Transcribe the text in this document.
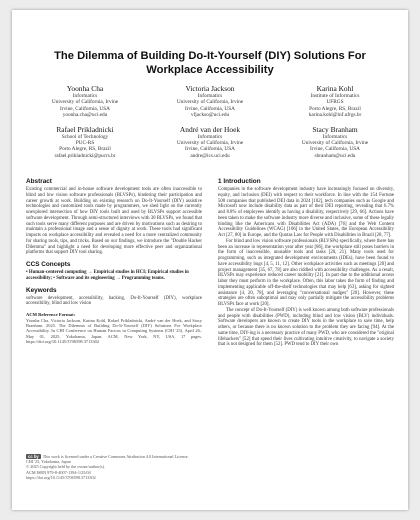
The Dilemma of Building Do-It-Yourself (DIY) Solutions For Workplace Accessibility
Yoonha Cha
Informatics
University of California, Irvine
Irvine, California, USA
yoonha.cha@uci.edu
Victoria Jackson
Informatics
University of California, Irvine
Irvine, California, USA
vfjackso@uci.edu
Karina Kohl
Institute of Informatics
UFRGS
Porto Alegre, RS, Brazil
karina.kohl@inf.ufrgs.br
Rafael Prikladnicki
School of Technology
PUC-RS
Porto Alegre, RS, Brazil
rafael.prikladnicki@pucrs.br
André van der Hoek
Informatics
University of California, Irvine
Irvine, California, USA
andre@ics.uci.edu
Stacy Branham
Informatics
University of California, Irvine
Irvine, California, USA
sbranham@uci.edu
Abstract

Existing commercial and in-house software development tools are often inaccessible to blind and low vision software professionals (BLVSPs), hindering their participation and career growth at work. Building on existing research on Do-It-Yourself (DIY) assistive technologies and customized tools made by programmers, we shed light on the currently unexplored intersection of how DIY tools built and used by BLVSPs support accessible software development. Through semi-structured interviews with 30 BLVSPs, we found that such tools serve many different purposes and are driven by motivations such as desiring to maintain a professional image and a sense of dignity at work. These tools had significant impacts on workplace accessibility and revealed a need for a more centralized community for sharing tools, tips, and tricks. Based on our findings, we introduce the "Double Hacker Dilemma" and highlight a need for developing more effective peer and organizational platforms that support DIY tool sharing.

CCS Concepts
• Human-centered computing → Empirical studies in HCI; Empirical studies in accessibility; • Software and its engineering → Programming teams.
Keywords

software development, accessibility, hacking, Do-It-Yourself (DIY), workplace accessibility, blind and low vision

ACM Reference Format:
Yoonha Cha, Victoria Jackson, Karina Kohl, Rafael Prikladnicki, André van der Hoek, and Stacy Branham. 2025. The Dilemma of Building Do-It-Yourself (DIY) Solutions For Workplace Accessibility. In CHI Conference on Human Factors in Computing Systems (CHI '25), April 26–May 01, 2025, Yokohama, Japan. ACM, New York, NY, USA, 17 pages. https://doi.org/10.1145/3706598.3713302
cc by This work is licensed under a Creative Commons Attribution 4.0 International License.
CHI '25, Yokohama, Japan
© 2025 Copyright held by the owner/author(s).
ACM ISBN 979-8-4007-1394-1/25/04
https://doi.org/10.1145/3706598.3713302
1 Introduction

Companies in the software development industry have increasingly focused on diversity, equity, and inclusion (DEI) with respect to their workforce. In line with the 154 Fortune 500 companies that published DEI data in 2024 [102], tech companies such as Google and Microsoft now include disability data as part of their DEI reporting, revealing that 6.7% and 8.8% of employees identify as having a disability, respectively [29, 66]. Actions have been taken to make the software industry more diverse and inclusive, some of these legally binding like the Americans with Disabilities Act (ADA) [76] and the Web Content Accessibility Guidelines (WCAG) [106] in the United States, the European Accessibility Act [27, 80] in Europe, and the Quotas Law for People with Disabilities in Brazil [28, 77].

For blind and low vision software professionals (BLVSPs) specifically, where there has been an increase in representation year after year [86], the workplace still poses barriers in the form of inaccessible, unusable tools and tasks [20, 21]. Many tools used for programming, such as integrated development environments (IDEs), have been found to have accessibility bugs [4, 5, 11, 12]. Other workplace activities such as meetings [20] and project management [35, 67, 78] are also riddled with accessibility challenges. As a result, BLVSPs may experience reduced career mobility [21]. In part due to the additional access labor they must perform in the workplace. Often, this labor takes the form of finding and implementing applicable off-the-shelf technologies that may help [63], asking for sighted assistance [4, 20, 78], and leveraging "conversational nudges" [20]. However, these strategies are often suboptimal and may only partially mitigate the accessibility problems BLVSPs face at work [20].

The concept of Do-It-Yourself (DIY) is well known among both software professionals and people with disabilities (PWD), including blind and low vision (BLV) individuals. Software developers are known to create DIY tools in the workplace to save time, help others, or because there is no known solution to the problem they are facing [94]. At the same time, DIY-ing is a necessary practice of many PWD, who are considered the "original lifehackers" [52] that spend their lives cultivating intuitive creativity, to navigate a society that is not designed for them [52]. PWD tend to DIY their own
